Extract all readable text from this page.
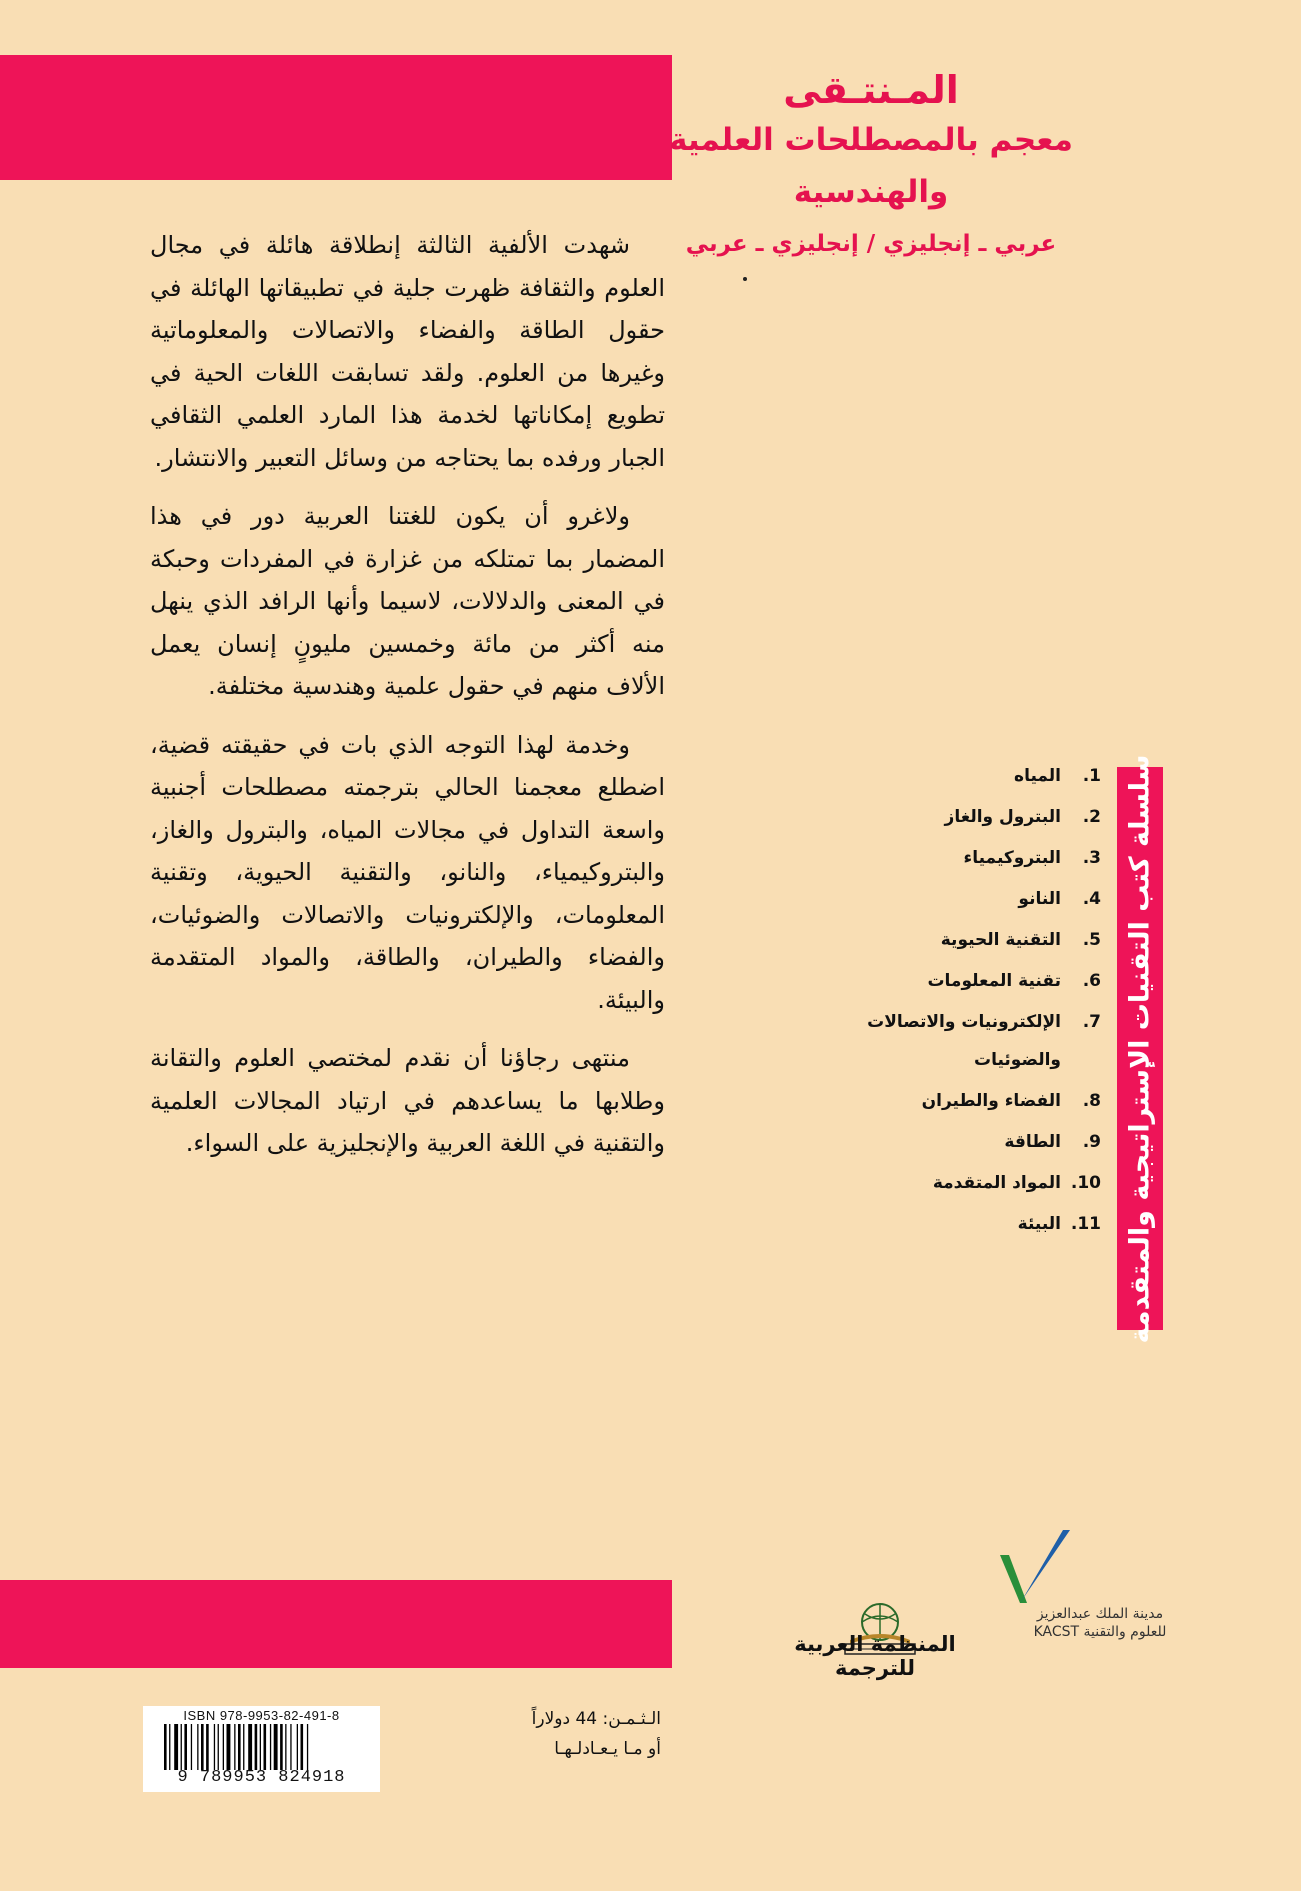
المـنتـقى
معجم بالمصطلحات العلمية والهندسية
عربي ـ إنجليزي / إنجليزي ـ عربي

شهدت الألفية الثالثة إنطلاقة هائلة في مجال العلوم والثقافة ظهرت جلية في تطبيقاتها الهائلة في حقول الطاقة والفضاء والاتصالات والمعلوماتية وغيرها من العلوم. ولقد تسابقت اللغات الحية في تطويع إمكاناتها لخدمة هذا المارد العلمي الثقافي الجبار ورفده بما يحتاجه من وسائل التعبير والانتشار.

ولاغرو أن يكون للغتنا العربية دور في هذا المضمار بما تمتلكه من غزارة في المفردات وحبكة في المعنى والدلالات، لاسيما وأنها الرافد الذي ينهل منه أكثر من مائة وخمسين مليونٍ إنسان يعمل الألاف منهم في حقول علمية وهندسية مختلفة.

وخدمة لهذا التوجه الذي بات في حقيقته قضية، اضطلع معجمنا الحالي بترجمته مصطلحات أجنبية واسعة التداول في مجالات المياه، والبترول والغاز، والبتروكيمياء، والنانو، والتقنية الحيوية، وتقنية المعلومات، والإلكترونيات والاتصالات والضوئيات، والفضاء والطيران، والطاقة، والمواد المتقدمة والبيئة.

منتهى رجاؤنا أن نقدم لمختصي العلوم والتقانة وطلابها ما يساعدهم في ارتياد المجالات العلمية والتقنية في اللغة العربية والإنجليزية على السواء.	سلسلة كتب التقنيات الإستراتيجية والمتقدمة
1.المياه
2.البترول والغاز
3.البتروكيمياء
4.النانو
5.التقنية الحيوية
6.تقنية المعلومات
7.الإلكترونيات والاتصالات
والضوئيات
8.الفضاء والطيران
9.الطاقة
10.المواد المتقدمة
11.البيئة
مدينة الملك عبدالعزيز
للعلوم والتقنية KACST
المنظمة العربية للترجمة
ISBN 978-9953-82-491-8
9 789953 824918
الـثـمـن: 44 دولاراً
أو مـا يـعـادلـهـا
